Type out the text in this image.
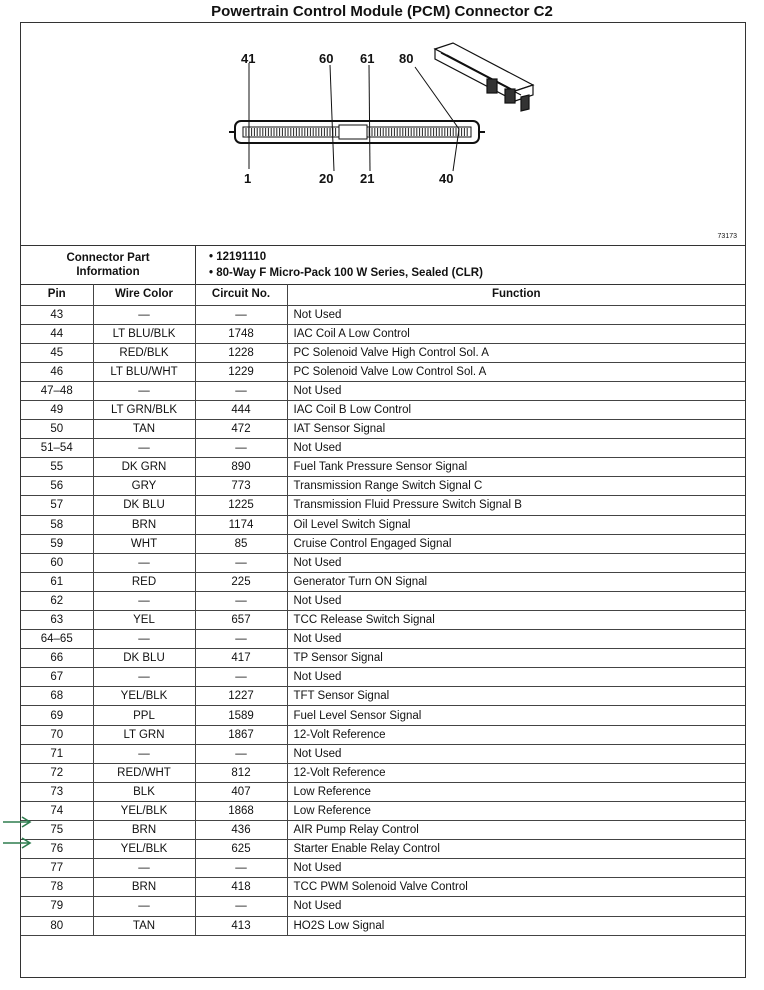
Powertrain Control Module (PCM) Connector C2
41	60 61 80
1	20 21	40
73173
Connector Part
Information
• 12191110
• 80-Way F Micro-Pack 100 W Series, Sealed (CLR)
Pin	Wire Color	Circuit No.	Function
43	—	—	Not Used
44	LT BLU/BLK	1748	IAC Coil A Low Control
45	RED/BLK	1228	PC Solenoid Valve High Control Sol. A
46	LT BLU/WHT	1229	PC Solenoid Valve Low Control Sol. A
47–48	—	—	Not Used
49	LT GRN/BLK	444	IAC Coil B Low Control
50	TAN	472	IAT Sensor Signal
51–54	—	—	Not Used
55	DK GRN	890	Fuel Tank Pressure Sensor Signal
56	GRY	773	Transmission Range Switch Signal C
57	DK BLU	1225	Transmission Fluid Pressure Switch Signal B
58	BRN	1174	Oil Level Switch Signal
59	WHT	85	Cruise Control Engaged Signal
60	—	—	Not Used
61	RED	225	Generator Turn ON Signal
62	—	—	Not Used
63	YEL	657	TCC Release Switch Signal
64–65	—	—	Not Used
66	DK BLU	417	TP Sensor Signal
67	—	—	Not Used
68	YEL/BLK	1227	TFT Sensor Signal
69	PPL	1589	Fuel Level Sensor Signal
70	LT GRN	1867	12-Volt Reference
71	—	—	Not Used
72	RED/WHT	812	12-Volt Reference
73	BLK	407	Low Reference
74	YEL/BLK	1868	Low Reference
75	BRN	436	AIR Pump Relay Control
76	YEL/BLK	625	Starter Enable Relay Control
77	—	—	Not Used
78	BRN	418	TCC PWM Solenoid Valve Control
79	—	—	Not Used
80	TAN	413	HO2S Low Signal
